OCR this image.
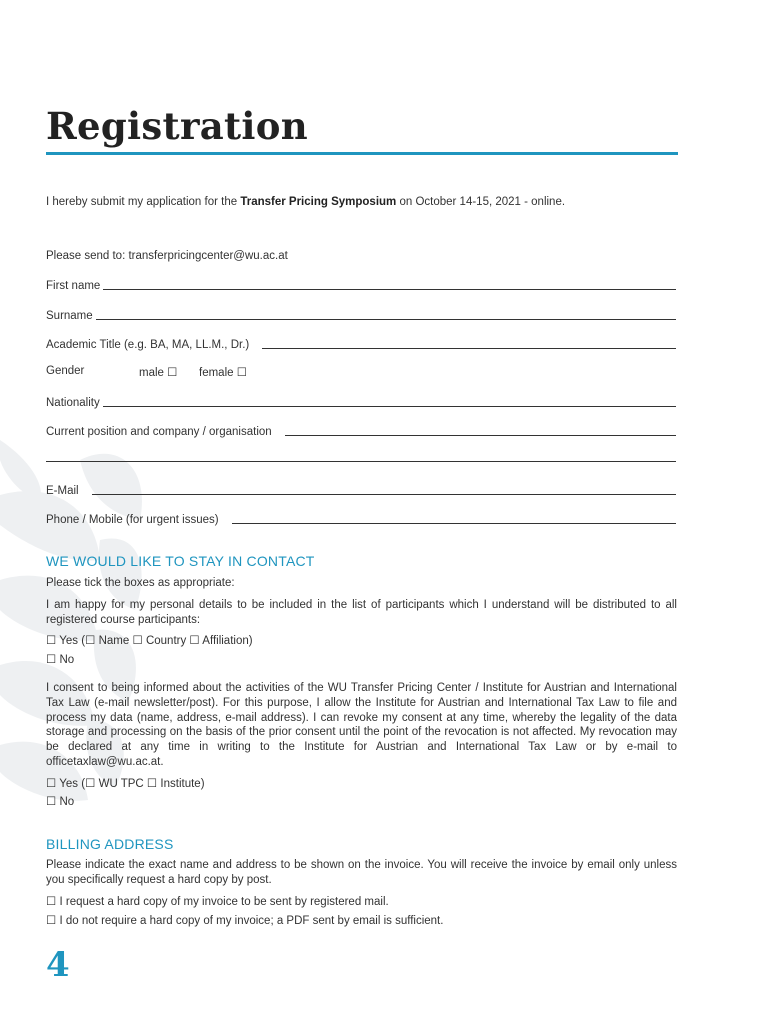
Registration
I hereby submit my application for the Transfer Pricing Symposium on October 14-15, 2021 - online.
Please send to: transferpricingcenter@wu.ac.at
First name
Surname
Academic Title (e.g. BA, MA, LL.M., Dr.)
Gender	male ☐ female ☐
Nationality
Current position and company / organisation
E-Mail
Phone / Mobile (for urgent issues)
WE WOULD LIKE TO STAY IN CONTACT
Please tick the boxes as appropriate:
I am happy for my personal details to be included in the list of participants which I understand will be distributed to all registered course participants:
☐ Yes (☐ Name ☐ Country ☐ Affiliation)
☐ No
I consent to being informed about the activities of the WU Transfer Pricing Center / Institute for Austrian and International Tax Law (e-mail newsletter/post). For this purpose, I allow the Institute for Austrian and International Tax Law to file and process my data (name, address, e-mail address). I can revoke my consent at any time, whereby the legality of the data storage and processing on the basis of the prior consent until the point of the revocation is not affected. My revocation may be declared at any time in writing to the Institute for Austrian and International Tax Law or by e-mail to officetaxlaw@wu.ac.at.
☐ Yes (☐ WU TPC ☐ Institute)
☐ No
BILLING ADDRESS
Please indicate the exact name and address to be shown on the invoice. You will receive the invoice by email only unless you specifically request a hard copy by post.
☐ I request a hard copy of my invoice to be sent by registered mail.
☐ I do not require a hard copy of my invoice; a PDF sent by email is sufficient.
4
